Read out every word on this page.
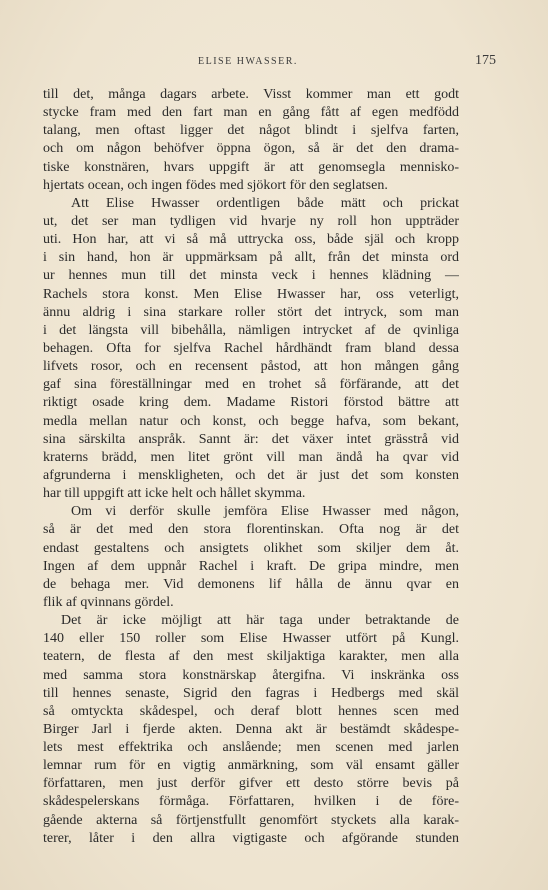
ELISE HWASSER.	175
till det, många dagars arbete. Visst kommer man ett godt
stycke fram med den fart man en gång fått af egen medfödd
talang, men oftast ligger det något blindt i sjelfva farten,
och om någon behöfver öppna ögon, så är det den drama-
tiske konstnären, hvars uppgift är att genomsegla mennisko-
hjertats ocean, och ingen födes med sjökort för den seglatsen.
Att Elise Hwasser ordentligen både mätt och prickat
ut, det ser man tydligen vid hvarje ny roll hon uppträder
uti. Hon har, att vi så må uttrycka oss, både själ och kropp
i sin hand, hon är uppmärksam på allt, från det minsta ord
ur hennes mun till det minsta veck i hennes klädning —
Rachels stora konst. Men Elise Hwasser har, oss veterligt,
ännu aldrig i sina starkare roller stört det intryck, som man
i det längsta vill bibehålla, nämligen intrycket af de qvinliga
behagen. Ofta for sjelfva Rachel hårdhändt fram bland dessa
lifvets rosor, och en recensent påstod, att hon mången gång
gaf sina föreställningar med en trohet så förfärande, att det
riktigt osade kring dem. Madame Ristori förstod bättre att
medla mellan natur och konst, och begge hafva, som bekant,
sina särskilta anspråk. Sannt är: det växer intet grässtrå vid
kraterns brädd, men litet grönt vill man ändå ha qvar vid
afgrunderna i menskligheten, och det är just det som konsten
har till uppgift att icke helt och hållet skymma.
Om vi derför skulle jemföra Elise Hwasser med någon,
så är det med den stora florentinskan. Ofta nog är det
endast gestaltens och ansigtets olikhet som skiljer dem åt.
Ingen af dem uppnår Rachel i kraft. De gripa mindre, men
de behaga mer. Vid demonens lif hålla de ännu qvar en
flik af qvinnans gördel.
Det är icke möjligt att här taga under betraktande de
140 eller 150 roller som Elise Hwasser utfört på Kungl.
teatern, de flesta af den mest skiljaktiga karakter, men alla
med samma stora konstnärskap återgifna. Vi inskränka oss
till hennes senaste, Sigrid den fagras i Hedbergs med skäl
så omtyckta skådespel, och deraf blott hennes scen med
Birger Jarl i fjerde akten. Denna akt är bestämdt skådespe-
lets mest effektrika och anslående; men scenen med jarlen
lemnar rum för en vigtig anmärkning, som väl ensamt gäller
författaren, men just derför gifver ett desto större bevis på
skådespelerskans förmåga. Författaren, hvilken i de före-
gående akterna så förtjenstfullt genomfört styckets alla karak-
terer, låter i den allra vigtigaste och afgörande stunden
